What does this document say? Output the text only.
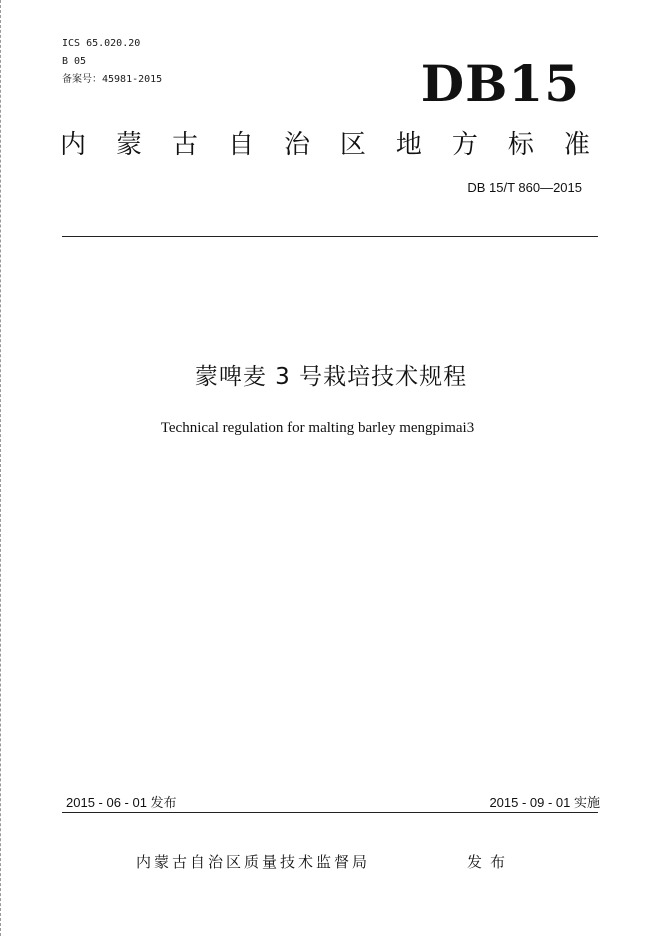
ICS 65.020.20
B 05
备案号：45981-2015	DB15
内 蒙 古 自 治 区 地 方 标 准
DB 15/T 860—2015
蒙啤麦 3 号栽培技术规程
Technical regulation for malting barley mengpimai3
2015 - 06 - 01 发布	2015 - 09 - 01 实施
内蒙古自治区质量技术监督局	发布
